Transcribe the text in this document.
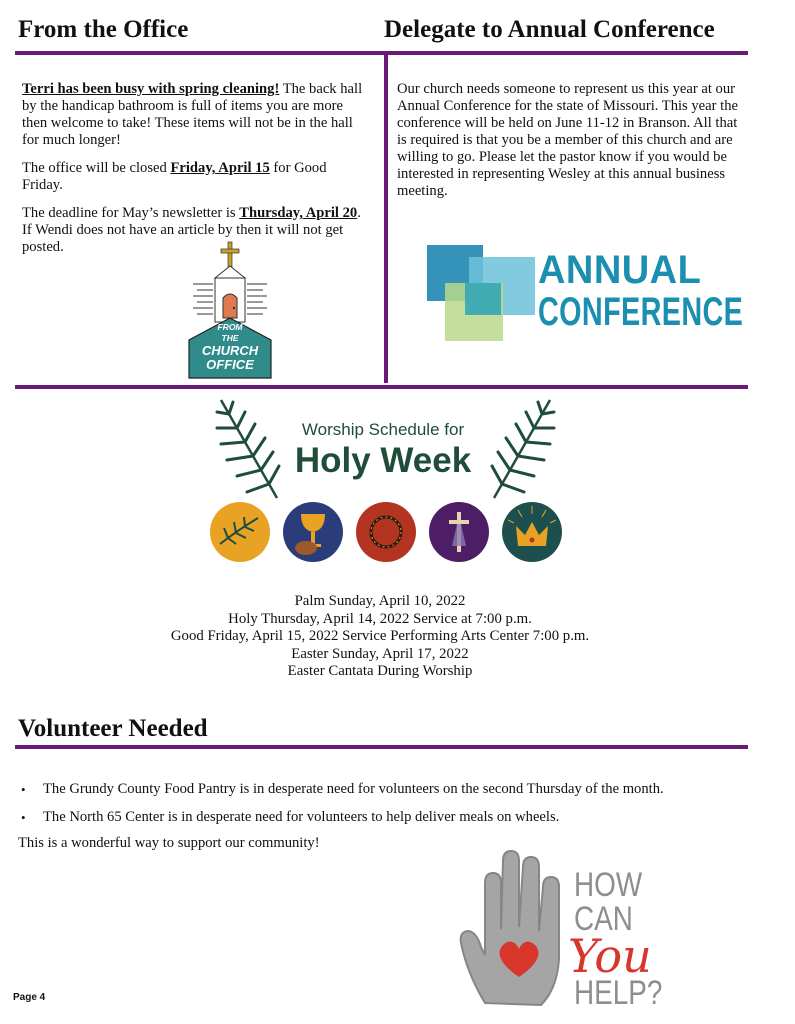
From the Office	Delegate to Annual Conference

Terri has been busy with spring cleaning! The back hall by the handicap bathroom is full of items you are more then welcome to take! These items will not be in the hall for much longer!

The office will be closed Friday, April 15 for Good Friday.

The deadline for May’s newsletter is Thursday, April 20. If Wendi does not have an article by then it will not get posted.

FROM
THE
CHURCH
OFFICE
Our church needs someone to represent us this year at our Annual Conference for the state of Missouri. This year the conference will be held on June 11-12 in Branson. All that is required is that you be a member of this church and are willing to go. Please let the pastor know if you would be interested in representing Wesley at this annual business meeting.
ANNUAL
CONFERENCE
Worship Schedule for
Holy Week
Palm Sunday, April 10, 2022
Holy Thursday, April 14, 2022 Service at 7:00 p.m.
Good Friday, April 15, 2022 Service Performing Arts Center 7:00 p.m.
Easter Sunday, April 17, 2022
Easter Cantata During Worship
Volunteer Needed
• The Grundy County Food Pantry is in desperate need for volunteers on the second Thursday of the month.
• The North 65 Center is in desperate need for volunteers to help deliver meals on wheels.
This is a wonderful way to support our community!
HOW
CAN
You
HELP?
Page 4
